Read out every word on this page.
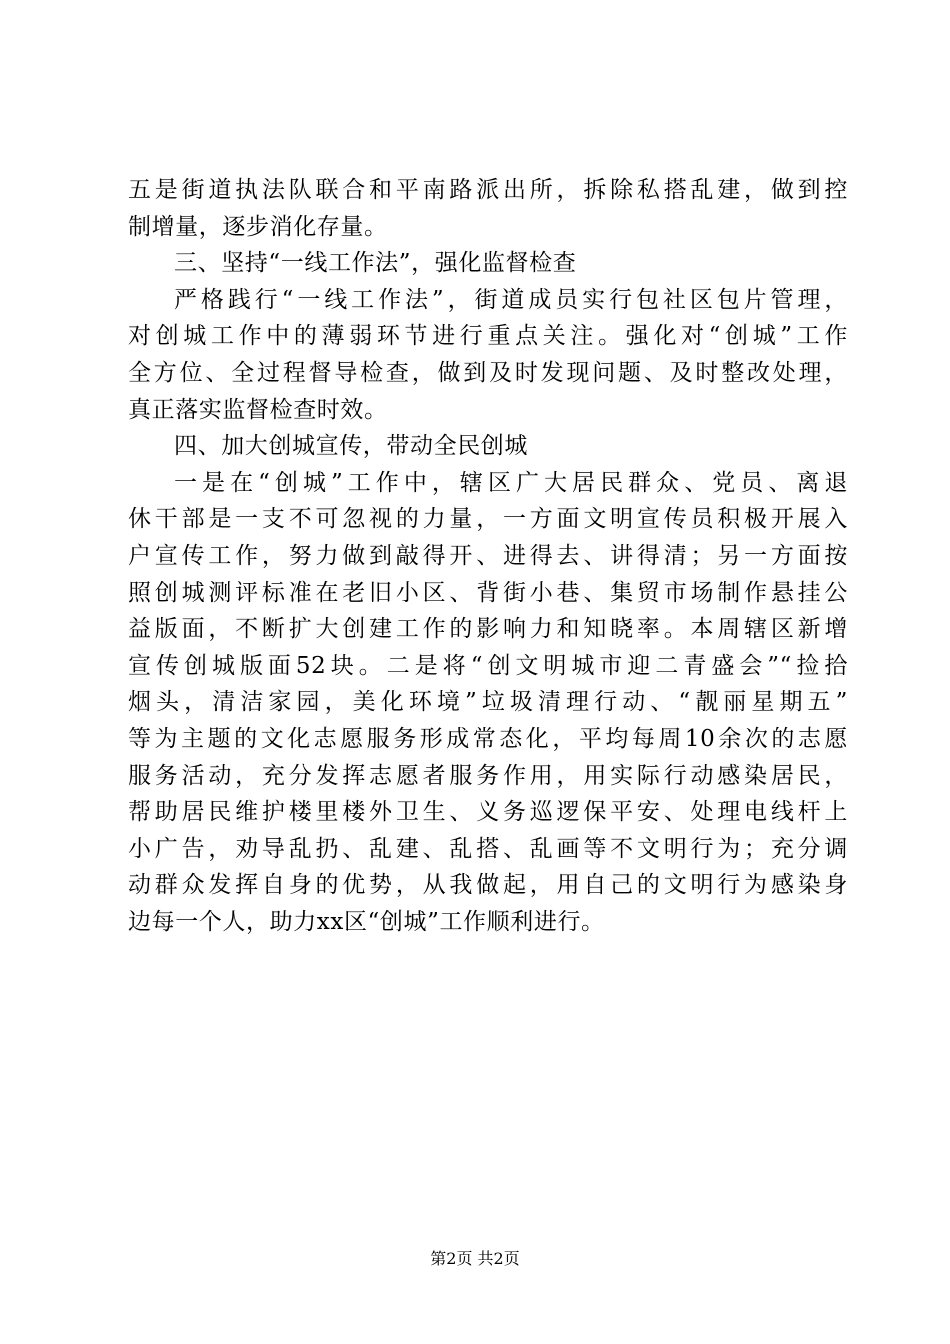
五是街道执法队联合和平南路派出所，拆除私搭乱建，做到控
制增量，逐步消化存量。
三、坚持“一线工作法”，强化监督检查
严格践行“一线工作法”，街道成员实行包社区包片管理，
对创城工作中的薄弱环节进行重点关注。强化对“创城”工作
全方位、全过程督导检查，做到及时发现问题、及时整改处理，
真正落实监督检查时效。
四、加大创城宣传，带动全民创城
一是在“创城”工作中，辖区广大居民群众、党员、离退
休干部是一支不可忽视的力量，一方面文明宣传员积极开展入
户宣传工作，努力做到敲得开、进得去、讲得清；另一方面按
照创城测评标准在老旧小区、背街小巷、集贸市场制作悬挂公
益版面，不断扩大创建工作的影响力和知晓率。本周辖区新增
宣传创城版面52块。二是将“创文明城市迎二青盛会”“捡拾
烟头，清洁家园，美化环境”垃圾清理行动、“靓丽星期五”
等为主题的文化志愿服务形成常态化，平均每周10余次的志愿
服务活动，充分发挥志愿者服务作用，用实际行动感染居民，
帮助居民维护楼里楼外卫生、义务巡逻保平安、处理电线杆上
小广告，劝导乱扔、乱建、乱搭、乱画等不文明行为；充分调
动群众发挥自身的优势，从我做起，用自己的文明行为感染身
边每一个人，助力xx区“创城”工作顺利进行。
第2页 共2页
